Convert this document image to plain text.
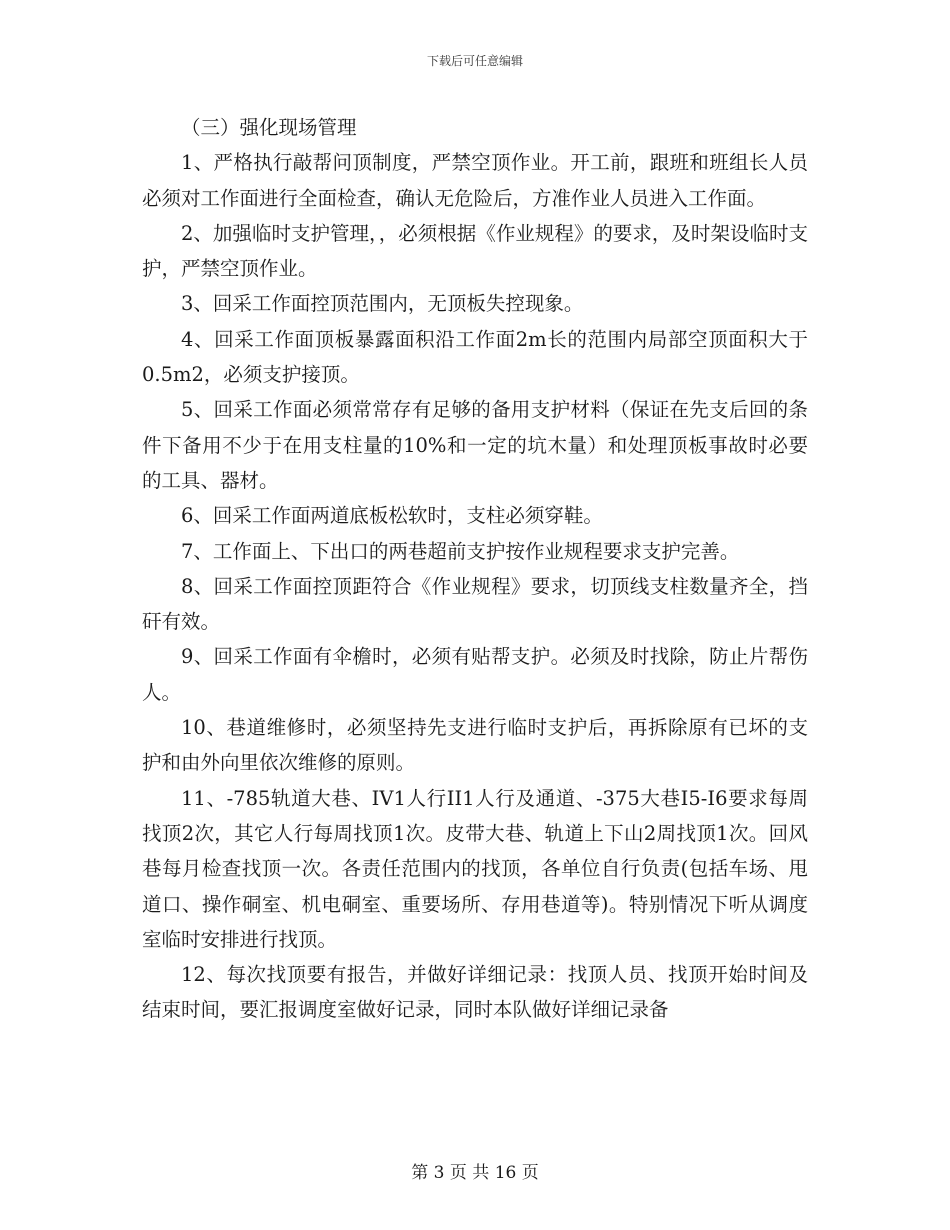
下载后可任意编辑

（三）强化现场管理

1、严格执行敲帮问顶制度，严禁空顶作业。开工前，跟班和班组长人员必须对工作面进行全面检查，确认无危险后，方准作业人员进入工作面。

2、加强临时支护管理，，必须根据《作业规程》的要求，及时架设临时支护，严禁空顶作业。

3、回采工作面控顶范围内，无顶板失控现象。

4、回采工作面顶板暴露面积沿工作面2m长的范围内局部空顶面积大于0.5m2，必须支护接顶。

5、回采工作面必须常常存有足够的备用支护材料（保证在先支后回的条件下备用不少于在用支柱量的10%和一定的坑木量）和处理顶板事故时必要的工具、器材。

6、回采工作面两道底板松软时，支柱必须穿鞋。

7、工作面上、下出口的两巷超前支护按作业规程要求支护完善。

8、回采工作面控顶距符合《作业规程》要求，切顶线支柱数量齐全，挡矸有效。

9、回采工作面有伞檐时，必须有贴帮支护。必须及时找除，防止片帮伤人。

10、巷道维修时，必须坚持先支进行临时支护后，再拆除原有已坏的支护和由外向里依次维修的原则。

11、-785轨道大巷、IV1人行II1人行及通道、-375大巷I5-I6要求每周找顶2次，其它人行每周找顶1次。皮带大巷、轨道上下山2周找顶1次。回风巷每月检查找顶一次。各责任范围内的找顶，各单位自行负责(包括车场、甩道口、操作硐室、机电硐室、重要场所、存用巷道等)。特别情况下听从调度室临时安排进行找顶。

12、每次找顶要有报告，并做好详细记录：找顶人员、找顶开始时间及结束时间，要汇报调度室做好记录，同时本队做好详细记录备

第 3 页 共 16 页
